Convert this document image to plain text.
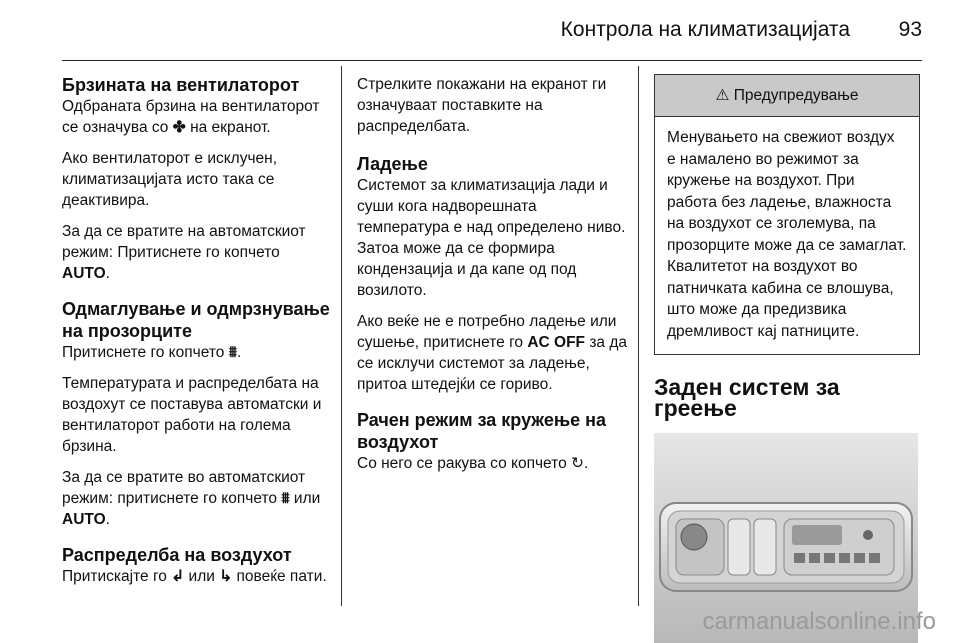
Контрола на климатизацијата 93
Брзината на вентилаторот

Одбраната брзина на вентилаторот се означува со ✤ на екранот.

Ако вентилаторот е исклучен, климатизацијата исто така се деактивира.

За да се вратите на автоматскиот режим: Притиснете го копчето
AUTO.

Одмаглување и одмрзнување на прозорците

Притиснете го копчето ⩩.

Температурата и распределбата на воздохут се поставува автоматски и вентилаторот работи на голема брзина.

За да се вратите во автоматскиот режим: притиснете го копчето ⩩ или AUTO.

Распределба на воздухот

Притискајте го ↲ или ↳ повеќе пати.

Стрелките покажани на екранот ги означуваат поставките на распределбата.

Ладење

Системот за климатизација лади и суши кога надворешната температура е над определено ниво. Затоа може да се формира кондензација и да капе од под возилото.

Ако веќе не е потребно ладење или сушење, притиснете го AC OFF за да се исклучи системот за ладење, притоа штедејќи се гориво.

Рачен режим за кружење на воздухот

Со него се ракува со копчето ↻.

⚠ Предупредување
Менувањето на свежиот воздух е намалено во режимот за кружење на воздухот. При работа без ладење, влажноста на воздухот се зголемува, па прозорците може да се замаглат. Квалитетот на воздухот во патничката кабина се влошува, што може да предизвика дремливост кај патниците.
Заден систем за греење
carmanualsonline.info
